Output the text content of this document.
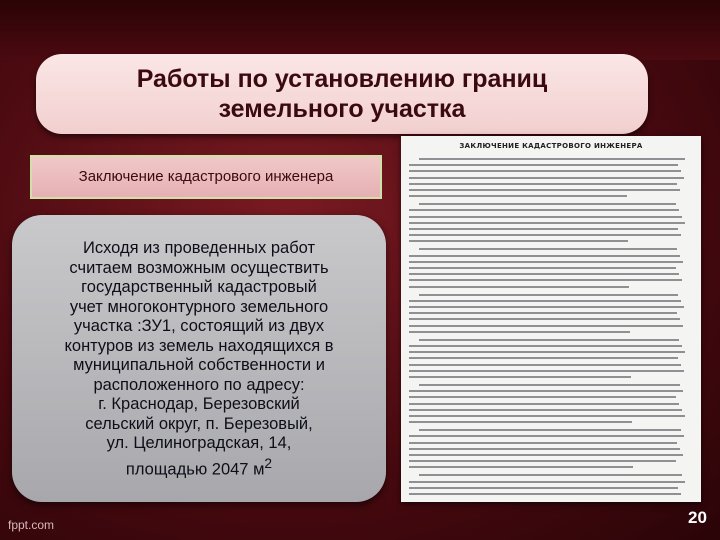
Работы по установлению границ
земельного участка
Заключение кадастрового инженера
Исходя из проведенных работ
считаем возможным осуществить
государственный кадастровый
учет многоконтурного земельного
участка :ЗУ1, состоящий из двух
контуров из земель находящихся в
муниципальной собственности и
расположенного по адресу:
г. Краснодар, Березовский
сельский округ, п. Березовый,
ул. Целиноградская, 14,
площадью 2047 $м^2$
ЗАКЛЮЧЕНИЕ КАДАСТРОВОГО ИНЖЕНЕРА
fppt.com	20
